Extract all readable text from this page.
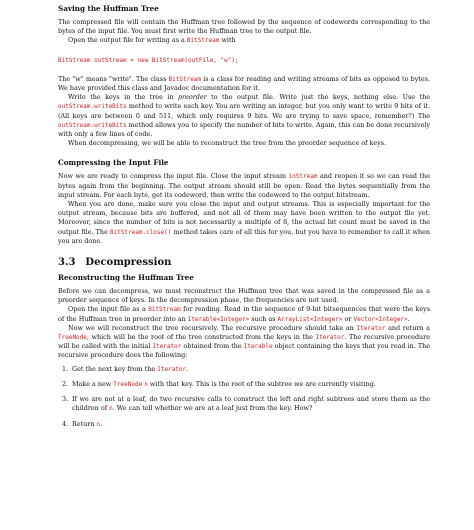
Saving the Huffman Tree

The compressed file will contain the Huffman tree followed by the sequence of codewords corresponding to the bytes of the input file. You must first write the Huffman tree to the output file.

Open the output file for writing as a BitStream with

BitStream outStream = new BitStream(outFile, "w");

The "w" means "write". The class BitStream is a class for reading and writing streams of bits as opposed to bytes. We have provided this class and Javadoc documentation for it.

Write the keys in the tree in preorder to the output file. Write just the keys, nothing else. Use the outStream.writeBits method to write each key. You are writing an integer, but you only want to write 9 bits of it. (All keys are between 0 and 511, which only requires 9 bits. We are trying to save space, remember?) The outStream.writeBits method allows you to specify the number of bits to write. Again, this can be done recursively with only a few lines of code.

When decompressing, we will be able to reconstruct the tree from the preorder sequence of keys.

Compressing the Input File

Now we are ready to compress the input file. Close the input stream inStream and reopen it so we can read the bytes again from the beginning. The output stream should still be open. Read the bytes sequentially from the input stream. For each byte, get its codeword, then write the codeword to the output bitstream.

When you are done, make sure you close the input and output streams. This is especially important for the output stream, because bits are buffered, and not all of them may have been written to the output file yet. Moreover, since the number of bits is not necessarily a multiple of 8, the actual bit count must be saved in the output file. The BitStream.close() method takes care of all this for you, but you have to remember to call it when you are done.

3.3 Decompression
Reconstructing the Huffman Tree

Before we can decompress, we must reconstruct the Huffman tree that was saved in the compressed file as a preorder sequence of keys. In the decompression phase, the frequencies are not used.

Open the input file as a BitStream for reading. Read in the sequence of 9-bit bitsequences that were the keys of the Huffman tree in preorder into an Iterable<Integer> such as ArrayList<Integer> or Vector<Integer>.

Now we will reconstruct the tree recursively. The recursive procedure should take an Iterator and return a TreeNode, which will be the root of the tree constructed from the keys in the Iterator. The recursive procedure will be called with the initial Iterator obtained from the Iterable object containing the keys that you read in. The recursive procedure does the following:

1. Get the next key from the Iterator.
2. Make a new TreeNode n with that key. This is the root of the subtree we are currently visiting.
3. If we are not at a leaf, do two recursive calls to construct the left and right subtrees and store them as the children of n. We can tell whether we are at a leaf just from the key. How?
4. Return n.
